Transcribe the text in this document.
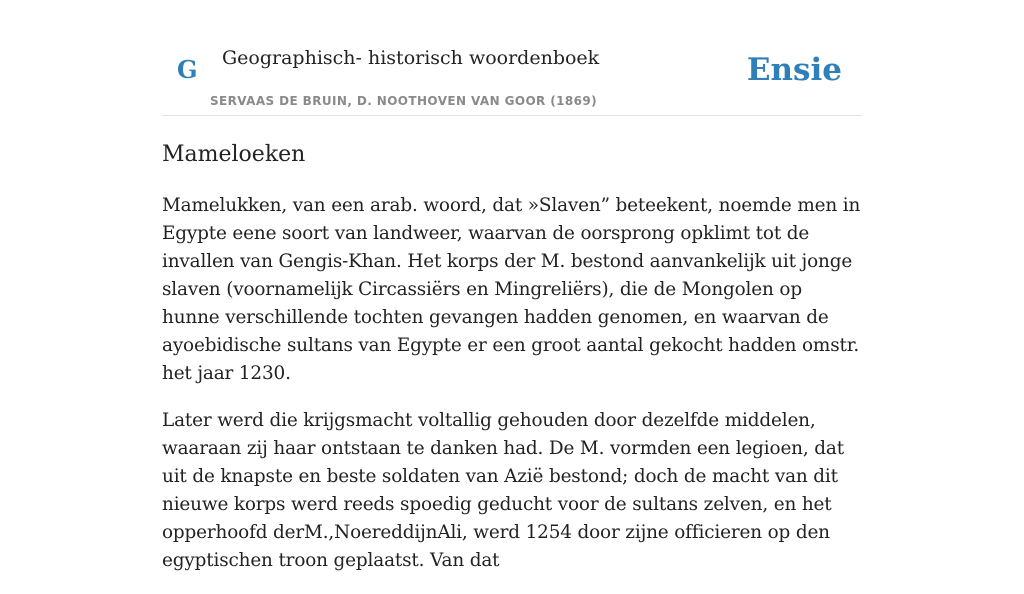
G Geographisch- historisch woordenboek
SERVAAS DE BRUIN, D. NOOTHOVEN VAN GOOR (1869)
Ensie
Mameloeken

Mamelukken, van een arab. woord, dat »Slaven” beteekent, noemde men in Egypte eene soort van landweer, waarvan de oorsprong opklimt tot de invallen van Gengis-Khan. Het korps der M. bestond aanvankelijk uit jonge slaven (voornamelijk Circassiërs en Mingreliërs), die de Mongolen op hunne verschillende tochten gevangen hadden genomen, en waarvan de ayoebidische sultans van Egypte er een groot aantal gekocht hadden omstr. het jaar 1230.

Later werd die krijgsmacht voltallig gehouden door dezelfde middelen, waaraan zij haar ontstaan te danken had. De M. vormden een legioen, dat uit de knapste en beste soldaten van Azië bestond; doch de macht van dit nieuwe korps werd reeds spoedig geducht voor de sultans zelven, en het opperhoofd derM.,NoereddijnAli, werd 1254 door zijne officieren op den egyptischen troon geplaatst. Van dat
